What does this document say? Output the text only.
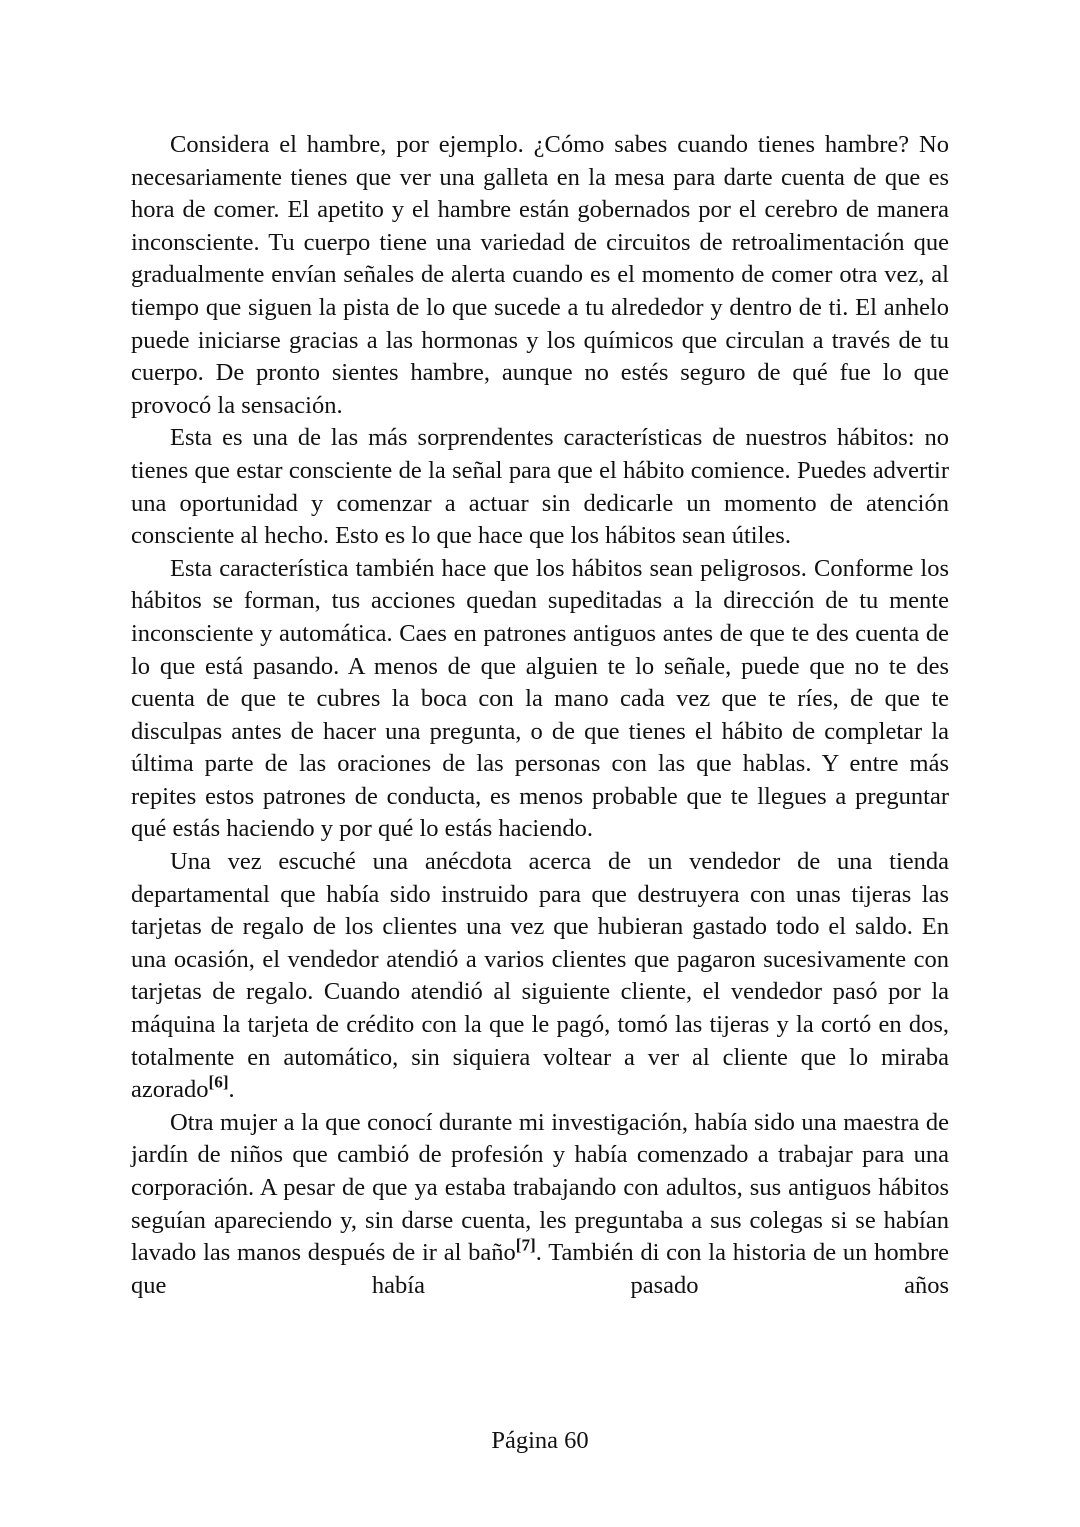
Considera el hambre, por ejemplo. ¿Cómo sabes cuando tienes hambre? No necesariamente tienes que ver una galleta en la mesa para darte cuenta de que es hora de comer. El apetito y el hambre están gobernados por el cerebro de manera inconsciente. Tu cuerpo tiene una variedad de circuitos de retroalimentación que gradualmente envían señales de alerta cuando es el momento de comer otra vez, al tiempo que siguen la pista de lo que sucede a tu alrededor y dentro de ti. El anhelo puede iniciarse gracias a las hormonas y los químicos que circulan a través de tu cuerpo. De pronto sientes hambre, aunque no estés seguro de qué fue lo que provocó la sensación.

Esta es una de las más sorprendentes características de nuestros hábitos: no tienes que estar consciente de la señal para que el hábito comience. Puedes advertir una oportunidad y comenzar a actuar sin dedicarle un momento de atención consciente al hecho. Esto es lo que hace que los hábitos sean útiles.

Esta característica también hace que los hábitos sean peligrosos. Conforme los hábitos se forman, tus acciones quedan supeditadas a la dirección de tu mente inconsciente y automática. Caes en patrones antiguos antes de que te des cuenta de lo que está pasando. A menos de que alguien te lo señale, puede que no te des cuenta de que te cubres la boca con la mano cada vez que te ríes, de que te disculpas antes de hacer una pregunta, o de que tienes el hábito de completar la última parte de las oraciones de las personas con las que hablas. Y entre más repites estos patrones de conducta, es menos probable que te llegues a preguntar qué estás haciendo y por qué lo estás haciendo.

Una vez escuché una anécdota acerca de un vendedor de una tienda departamental que había sido instruido para que destruyera con unas tijeras las tarjetas de regalo de los clientes una vez que hubieran gastado todo el saldo. En una ocasión, el vendedor atendió a varios clientes que pagaron sucesivamente con tarjetas de regalo. Cuando atendió al siguiente cliente, el vendedor pasó por la máquina la tarjeta de crédito con la que le pagó, tomó las tijeras y la cortó en dos, totalmente en automático, sin siquiera voltear a ver al cliente que lo miraba azorado[6].

Otra mujer a la que conocí durante mi investigación, había sido una maestra de jardín de niños que cambió de profesión y había comenzado a trabajar para una corporación. A pesar de que ya estaba trabajando con adultos, sus antiguos hábitos seguían apareciendo y, sin darse cuenta, les preguntaba a sus colegas si se habían lavado las manos después de ir al baño[7]. También di con la historia de un hombre que había pasado años

Página 60
